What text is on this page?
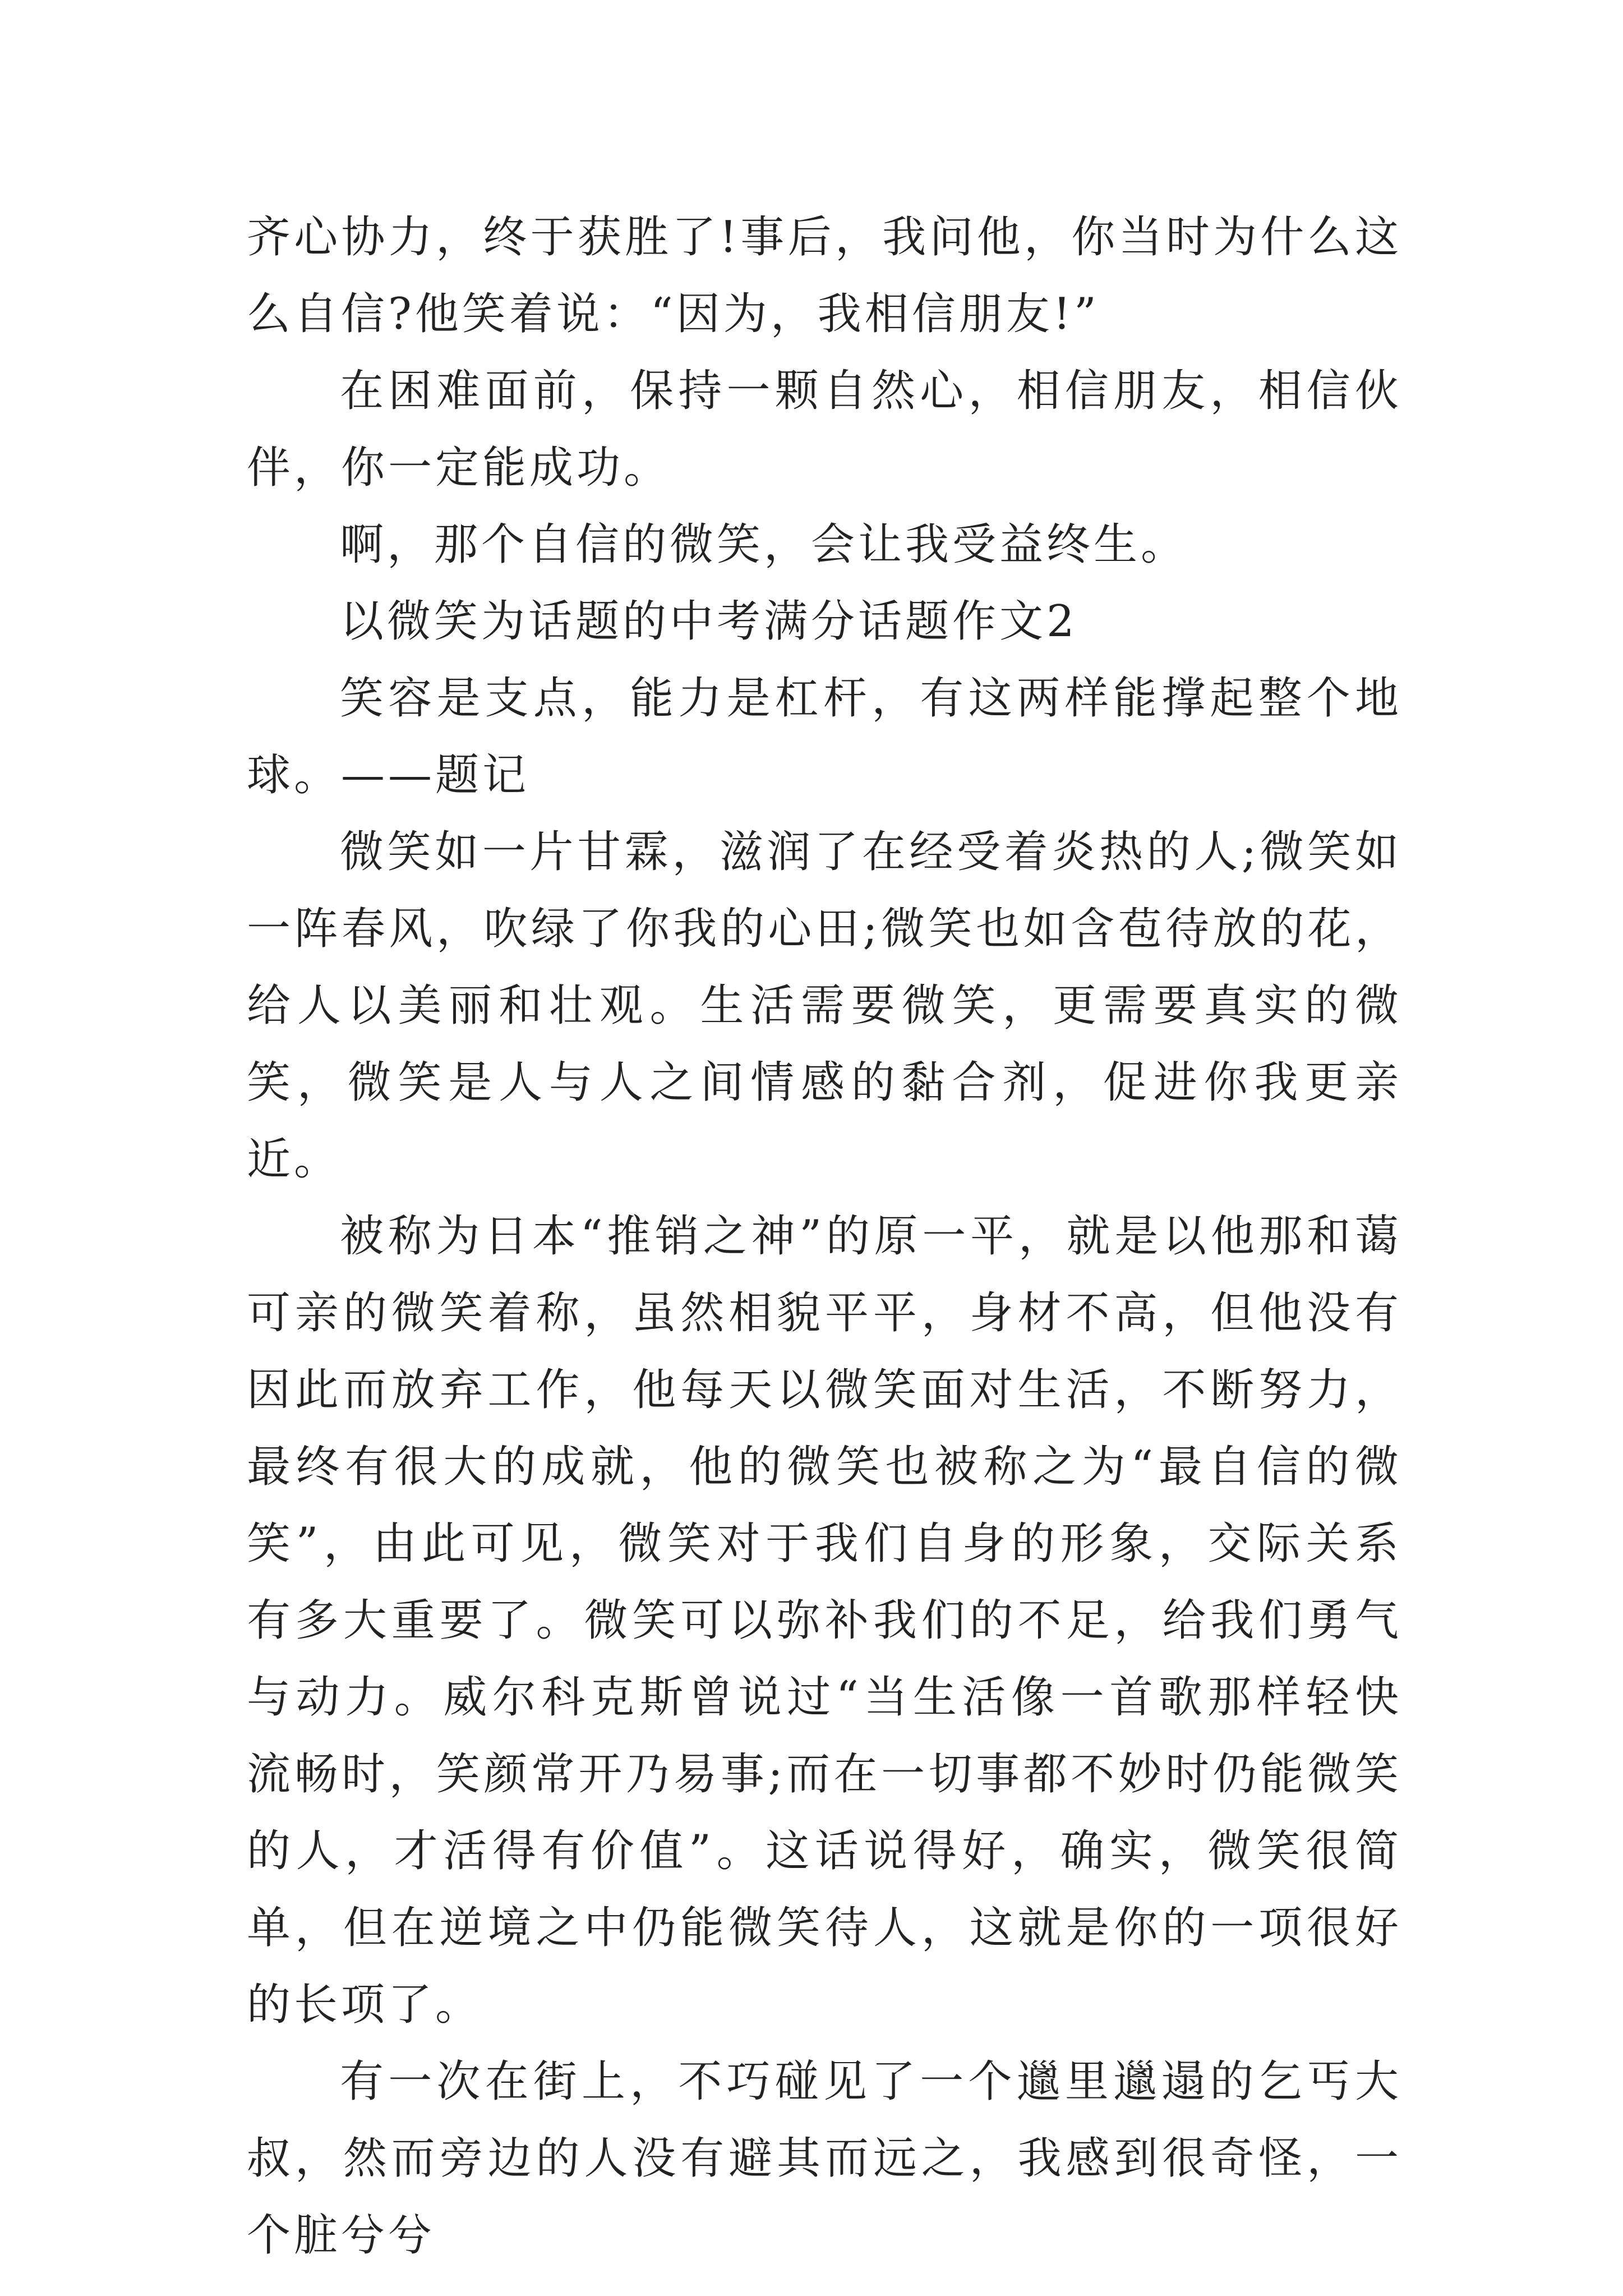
齐心协力，终于获胜了!事后，我问他，你当时为什么这么自信?他笑着说：“因为，我相信朋友!”

在困难面前，保持一颗自然心，相信朋友，相信伙伴，你一定能成功。

啊，那个自信的微笑，会让我受益终生。

以微笑为话题的中考满分话题作文2

笑容是支点，能力是杠杆，有这两样能撑起整个地球。——题记

微笑如一片甘霖，滋润了在经受着炎热的人;微笑如一阵春风，吹绿了你我的心田;微笑也如含苞待放的花，给人以美丽和壮观。生活需要微笑，更需要真实的微笑，微笑是人与人之间情感的黏合剂，促进你我更亲近。

被称为日本“推销之神”的原一平，就是以他那和蔼可亲的微笑着称，虽然相貌平平，身材不高，但他没有因此而放弃工作，他每天以微笑面对生活，不断努力，最终有很大的成就，他的微笑也被称之为“最自信的微笑”，由此可见，微笑对于我们自身的形象，交际关系有多大重要了。微笑可以弥补我们的不足，给我们勇气与动力。威尔科克斯曾说过“当生活像一首歌那样轻快流畅时，笑颜常开乃易事;而在一切事都不妙时仍能微笑的人，才活得有价值”。这话说得好，确实，微笑很简单，但在逆境之中仍能微笑待人，这就是你的一项很好的长项了。

有一次在街上，不巧碰见了一个邋里邋遢的乞丐大叔，然而旁边的人没有避其而远之，我感到很奇怪，一个脏兮兮
